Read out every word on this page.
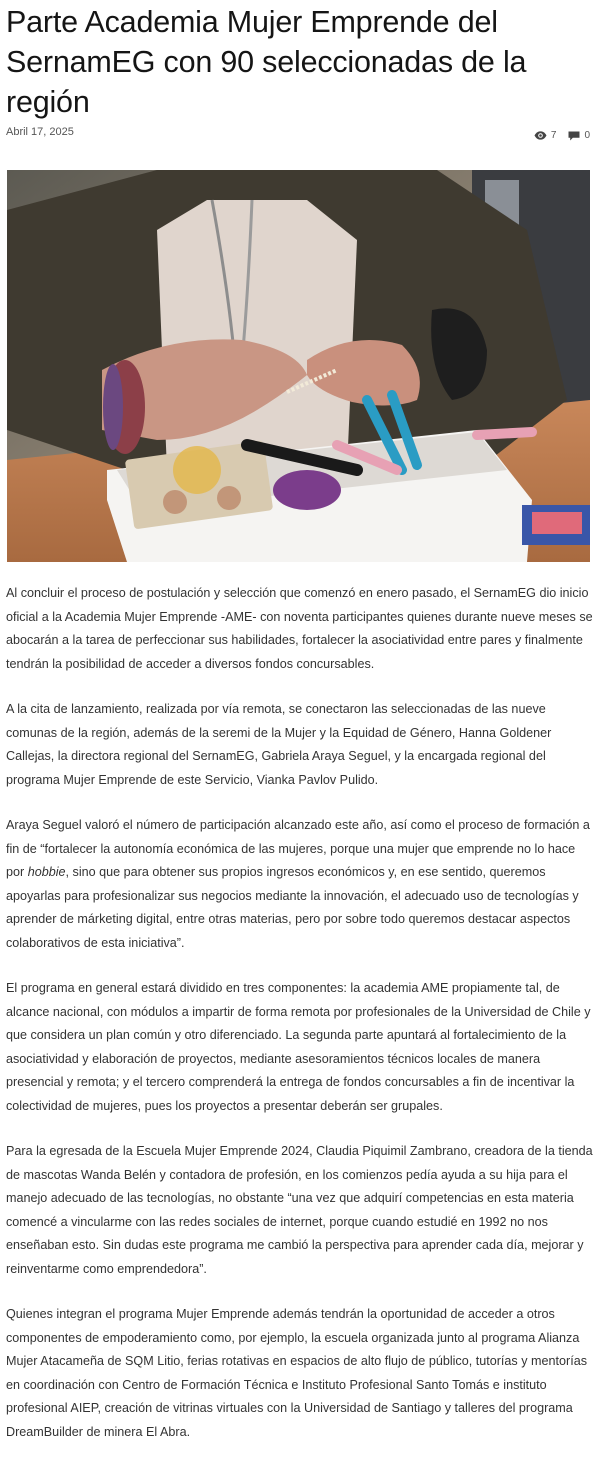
Parte Academia Mujer Emprende del SernamEG con 90 seleccionadas de la región
Abril 17, 2025	7	0

Al concluir el proceso de postulación y selección que comenzó en enero pasado, el SernamEG dio inicio oficial a la Academia Mujer Emprende -AME- con noventa participantes quienes durante nueve meses se abocarán a la tarea de perfeccionar sus habilidades, fortalecer la asociatividad entre pares y finalmente tendrán la posibilidad de acceder a diversos fondos concursables.

A la cita de lanzamiento, realizada por vía remota, se conectaron las seleccionadas de las nueve comunas de la región, además de la seremi de la Mujer y la Equidad de Género, Hanna Goldener Callejas, la directora regional del SernamEG, Gabriela Araya Seguel, y la encargada regional del programa Mujer Emprende de este Servicio, Vianka Pavlov Pulido.

Araya Seguel valoró el número de participación alcanzado este año, así como el proceso de formación a fin de “fortalecer la autonomía económica de las mujeres, porque una mujer que emprende no lo hace por hobbie, sino que para obtener sus propios ingresos económicos y, en ese sentido, queremos apoyarlas para profesionalizar sus negocios mediante la innovación, el adecuado uso de tecnologías y aprender de márketing digital, entre otras materias, pero por sobre todo queremos destacar aspectos colaborativos de esta iniciativa”.

El programa en general estará dividido en tres componentes: la academia AME propiamente tal, de alcance nacional, con módulos a impartir de forma remota por profesionales de la Universidad de Chile y que considera un plan común y otro diferenciado. La segunda parte apuntará al fortalecimiento de la asociatividad y elaboración de proyectos, mediante asesoramientos técnicos locales de manera presencial y remota; y el tercero comprenderá la entrega de fondos concursables a fin de incentivar la colectividad de mujeres, pues los proyectos a presentar deberán ser grupales.

Para la egresada de la Escuela Mujer Emprende 2024, Claudia Piquimil Zambrano, creadora de la tienda de mascotas Wanda Belén y contadora de profesión, en los comienzos pedía ayuda a su hija para el manejo adecuado de las tecnologías, no obstante “una vez que adquirí competencias en esta materia comencé a vincularme con las redes sociales de internet, porque cuando estudié en 1992 no nos enseñaban esto. Sin dudas este programa me cambió la perspectiva para aprender cada día, mejorar y reinventarme como emprendedora”.

Quienes integran el programa Mujer Emprende además tendrán la oportunidad de acceder a otros componentes de empoderamiento como, por ejemplo, la escuela organizada junto al programa Alianza Mujer Atacameña de SQM Litio, ferias rotativas en espacios de alto flujo de público, tutorías y mentorías en coordinación con Centro de Formación Técnica e Instituto Profesional Santo Tomás e instituto profesional AIEP, creación de vitrinas virtuales con la Universidad de Santiago y talleres del programa DreamBuilder de minera El Abra.
